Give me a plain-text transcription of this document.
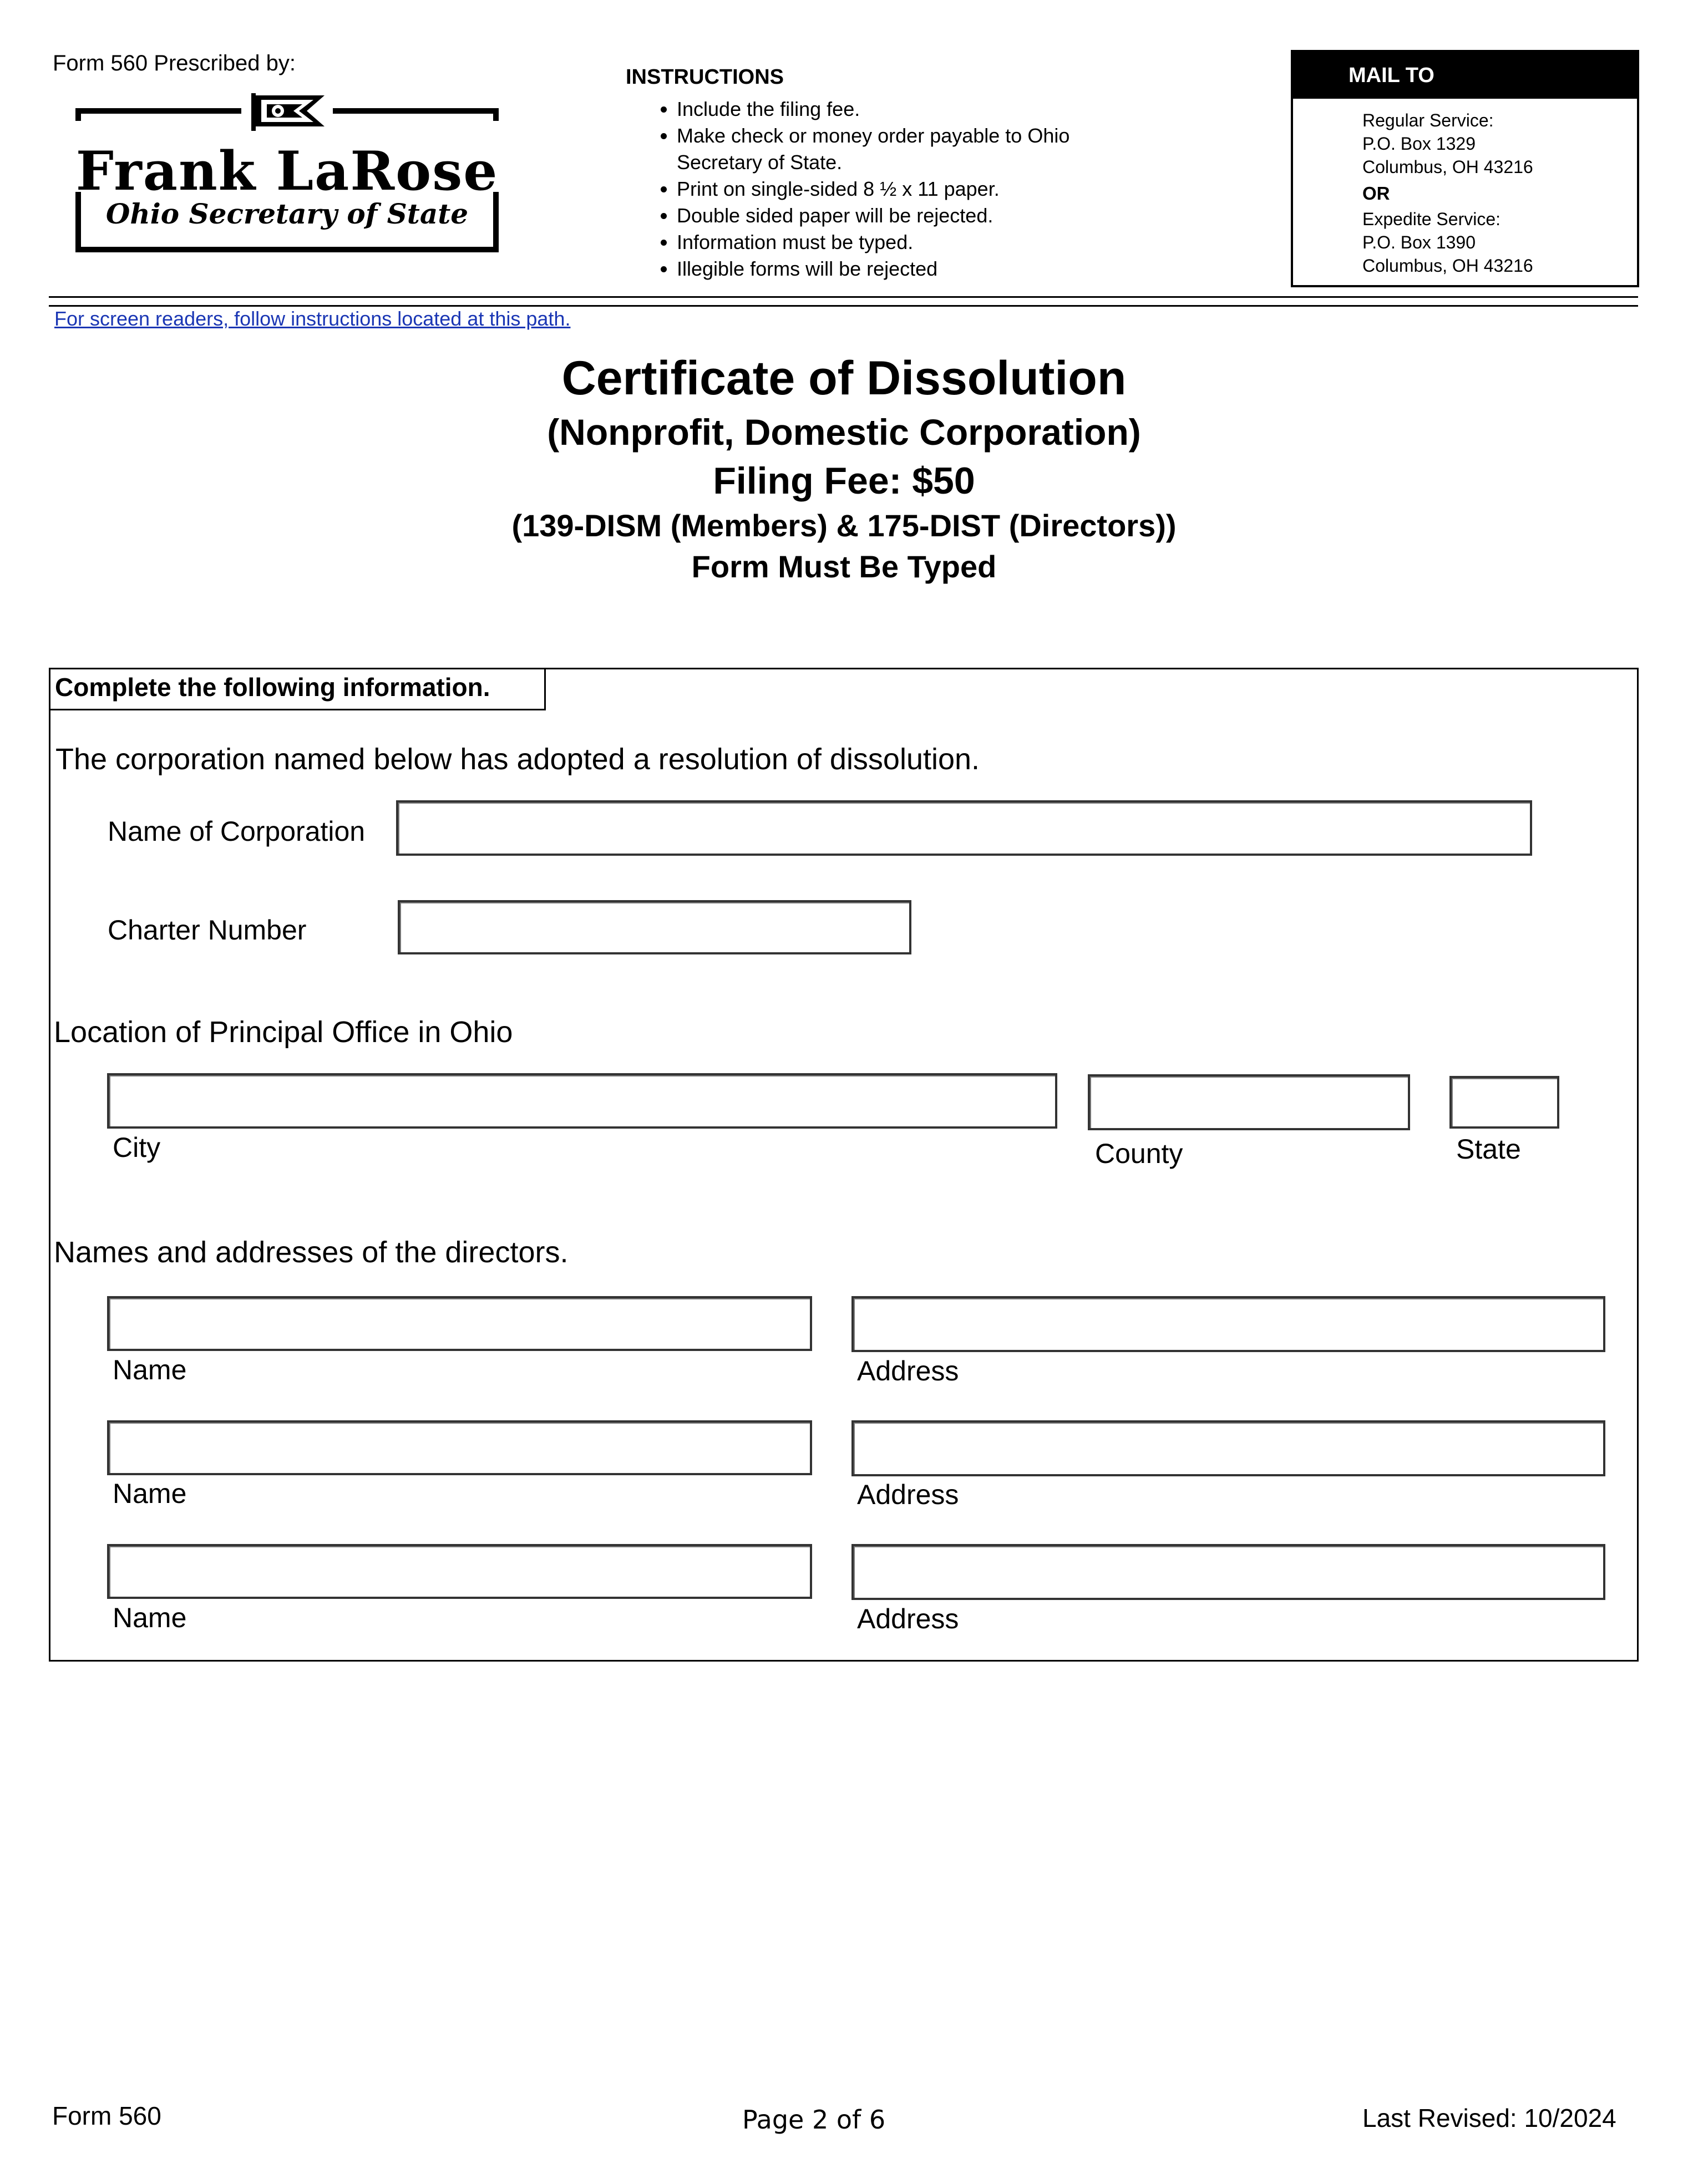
Form 560 Prescribed by:
Frank LaRose
Ohio Secretary of State
INSTRUCTIONS
• Include the filing fee.
• Make check or money order payable to Ohio Secretary of State.
• Print on single-sided 8 ½ x 11 paper.
• Double sided paper will be rejected.
• Information must be typed.
• Illegible forms will be rejected
MAIL TO
Regular Service:
P.O. Box 1329
Columbus, OH 43216
OR
Expedite Service:
P.O. Box 1390
Columbus, OH 43216
For screen readers, follow instructions located at this path.
Certificate of Dissolution
(Nonprofit, Domestic Corporation)
Filing Fee: $50
(139-DISM (Members) & 175-DIST (Directors))
Form Must Be Typed
Complete the following information.
The corporation named below has adopted a resolution of dissolution.
Name of Corporation
Charter Number
Location of Principal Office in Ohio
City	County	State
Names and addresses of the directors.
Name	Address
Name	Address
Name	Address
Form 560	Page 2 of 6	Last Revised: 10/2024
